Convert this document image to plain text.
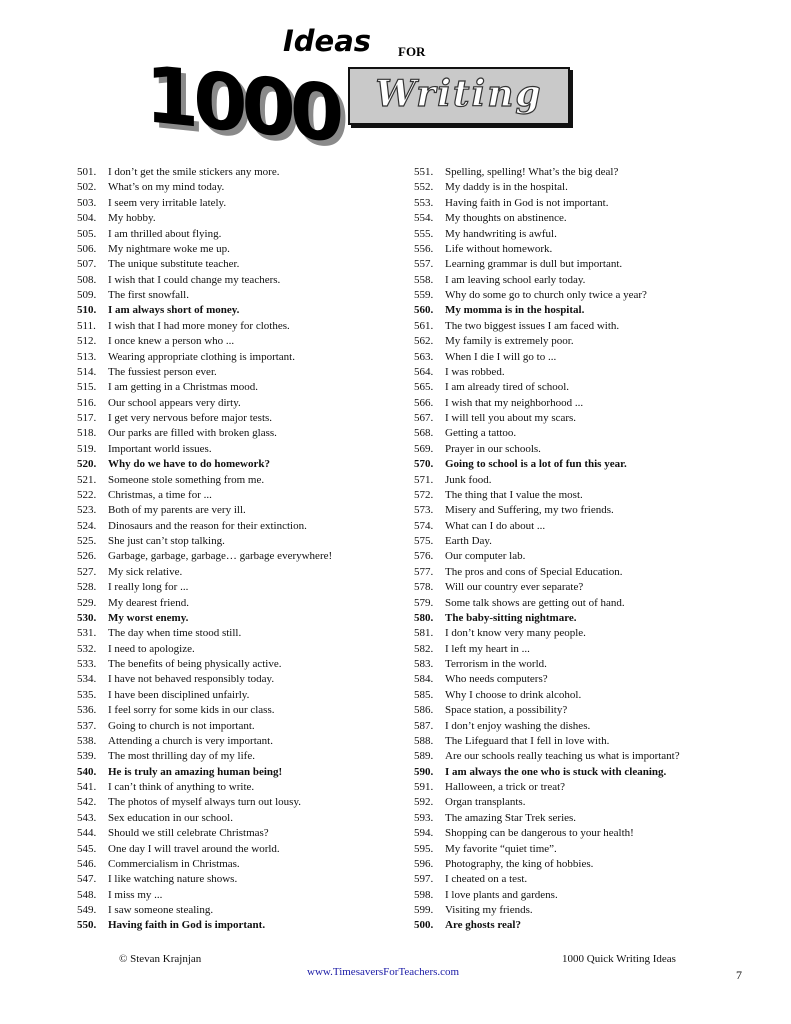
Ideas FOR
1000	Writing
501.	I don’t get the smile stickers any more.
502.	What’s on my mind today.
503.	I seem very irritable lately.
504.	My hobby.
505.	I am thrilled about flying.
506.	My nightmare woke me up.
507.	The unique substitute teacher.
508.	I wish that I could change my teachers.
509.	The first snowfall.
510.	I am always short of money.
511.	I wish that I had more money for clothes.
512.	I once knew a person who ...
513.	Wearing appropriate clothing is important.
514.	The fussiest person ever.
515.	I am getting in a Christmas mood.
516.	Our school appears very dirty.
517.	I get very nervous before major tests.
518.	Our parks are filled with broken glass.
519.	Important world issues.
520.	Why do we have to do homework?
521.	Someone stole something from me.
522.	Christmas, a time for ...
523.	Both of my parents are very ill.
524.	Dinosaurs and the reason for their extinction.
525.	She just can’t stop talking.
526.	Garbage, garbage, garbage… garbage everywhere!
527.	My sick relative.
528.	I really long for ...
529.	My dearest friend.
530.	My worst enemy.
531.	The day when time stood still.
532.	I need to apologize.
533.	The benefits of being physically active.
534.	I have not behaved responsibly today.
535.	I have been disciplined unfairly.
536.	I feel sorry for some kids in our class.
537.	Going to church is not important.
538.	Attending a church is very important.
539.	The most thrilling day of my life.
540.	He is truly an amazing human being!
541.	I can’t think of anything to write.
542.	The photos of myself always turn out lousy.
543.	Sex education in our school.
544.	Should we still celebrate Christmas?
545.	One day I will travel around the world.
546.	Commercialism in Christmas.
547.	I like watching nature shows.
548.	I miss my ...
549.	I saw someone stealing.
550.	Having faith in God is important.
551.	Spelling, spelling! What’s the big deal?
552.	My daddy is in the hospital.
553.	Having faith in God is not important.
554.	My thoughts on abstinence.
555.	My handwriting is awful.
556.	Life without homework.
557.	Learning grammar is dull but important.
558.	I am leaving school early today.
559.	Why do some go to church only twice a year?
560.	My momma is in the hospital.
561.	The two biggest issues I am faced with.
562.	My family is extremely poor.
563.	When I die I will go to ...
564.	I was robbed.
565.	I am already tired of school.
566.	I wish that my neighborhood ...
567.	I will tell you about my scars.
568.	Getting a tattoo.
569.	Prayer in our schools.
570.	Going to school is a lot of fun this year.
571.	Junk food.
572.	The thing that I value the most.
573.	Misery and Suffering, my two friends.
574.	What can I do about ...
575.	Earth Day.
576.	Our computer lab.
577.	The pros and cons of Special Education.
578.	Will our country ever separate?
579.	Some talk shows are getting out of hand.
580.	The baby-sitting nightmare.
581.	I don’t know very many people.
582.	I left my heart in ...
583.	Terrorism in the world.
584.	Who needs computers?
585.	Why I choose to drink alcohol.
586.	Space station, a possibility?
587.	I don’t enjoy washing the dishes.
588.	The Lifeguard that I fell in love with.
589.	Are our schools really teaching us what is important?
590.	I am always the one who is stuck with cleaning.
591.	Halloween, a trick or treat?
592.	Organ transplants.
593.	The amazing Star Trek series.
594.	Shopping can be dangerous to your health!
595.	My favorite “quiet time”.
596.	Photography, the king of hobbies.
597.	I cheated on a test.
598.	I love plants and gardens.
599.	Visiting my friends.
500.	Are ghosts real?
© Stevan Krajnjan	1000 Quick Writing Ideas
www.TimesaversForTeachers.com	7
